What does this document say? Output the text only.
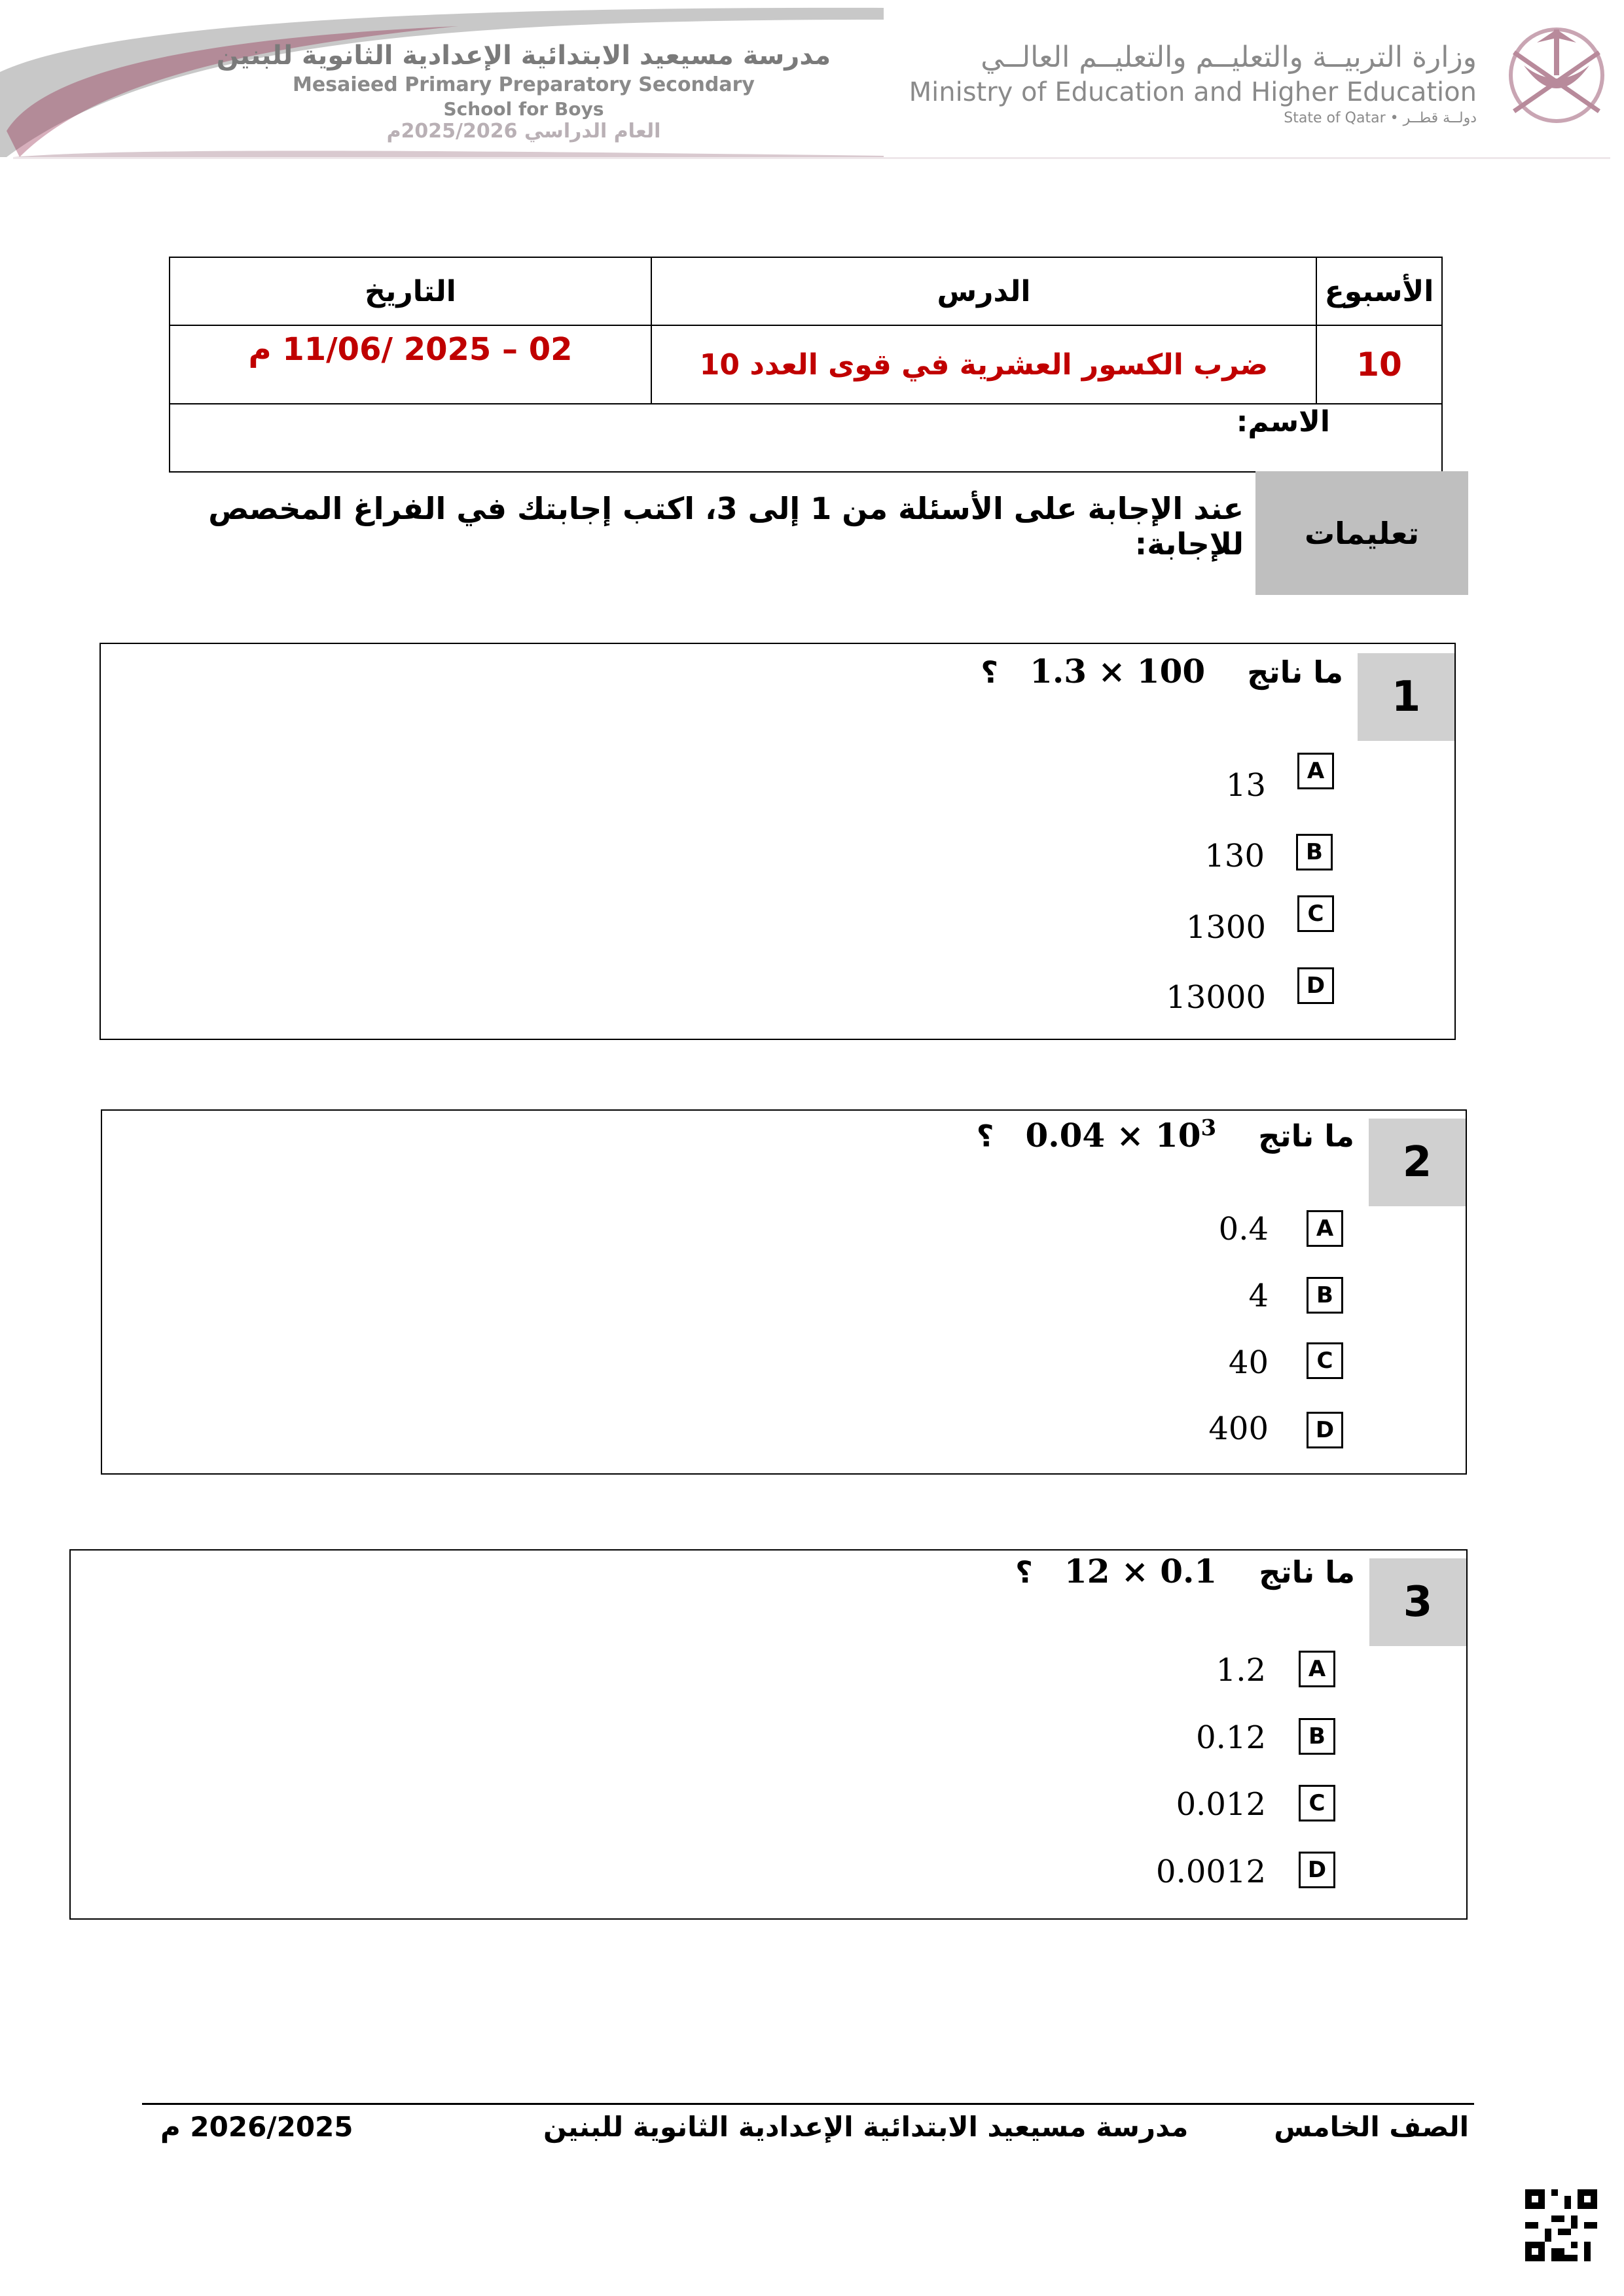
مدرسة مسيعيد الابتدائية الإعدادية الثانوية للبنين
Mesaieed Primary Preparatory Secondary
School for Boys
العام الدراسي 2025/2026م
وزارة التربيــة والتعليــم والتعليــم العالــي
Ministry of Education and Higher Education
State of Qatar • دولــة قطــر
الأسبوع	الدرس	التاريخ
10	ضرب الكسور العشرية في قوى العدد 10	02 – 2025 /11/06 م
الاسم:		
تعليمات
عند الإجابة على الأسئلة من 1 إلى 3، اكتب إجابتك في الفراغ المخصص للإجابة:
1
ما ناتج    1.3 × 100   ؟
A
13
B
130
C
1300
D
13000
2
ما ناتج    $0.04 \times 10^3$   ؟
A
0.4
B
4
C
40
D
400
3
ما ناتج    12 × 0.1   ؟
A
1.2
B
0.12
C
0.012
D
0.0012
الصف الخامس
مدرسة مسيعيد الابتدائية الإعدادية الثانوية للبنين
2026/2025 م
